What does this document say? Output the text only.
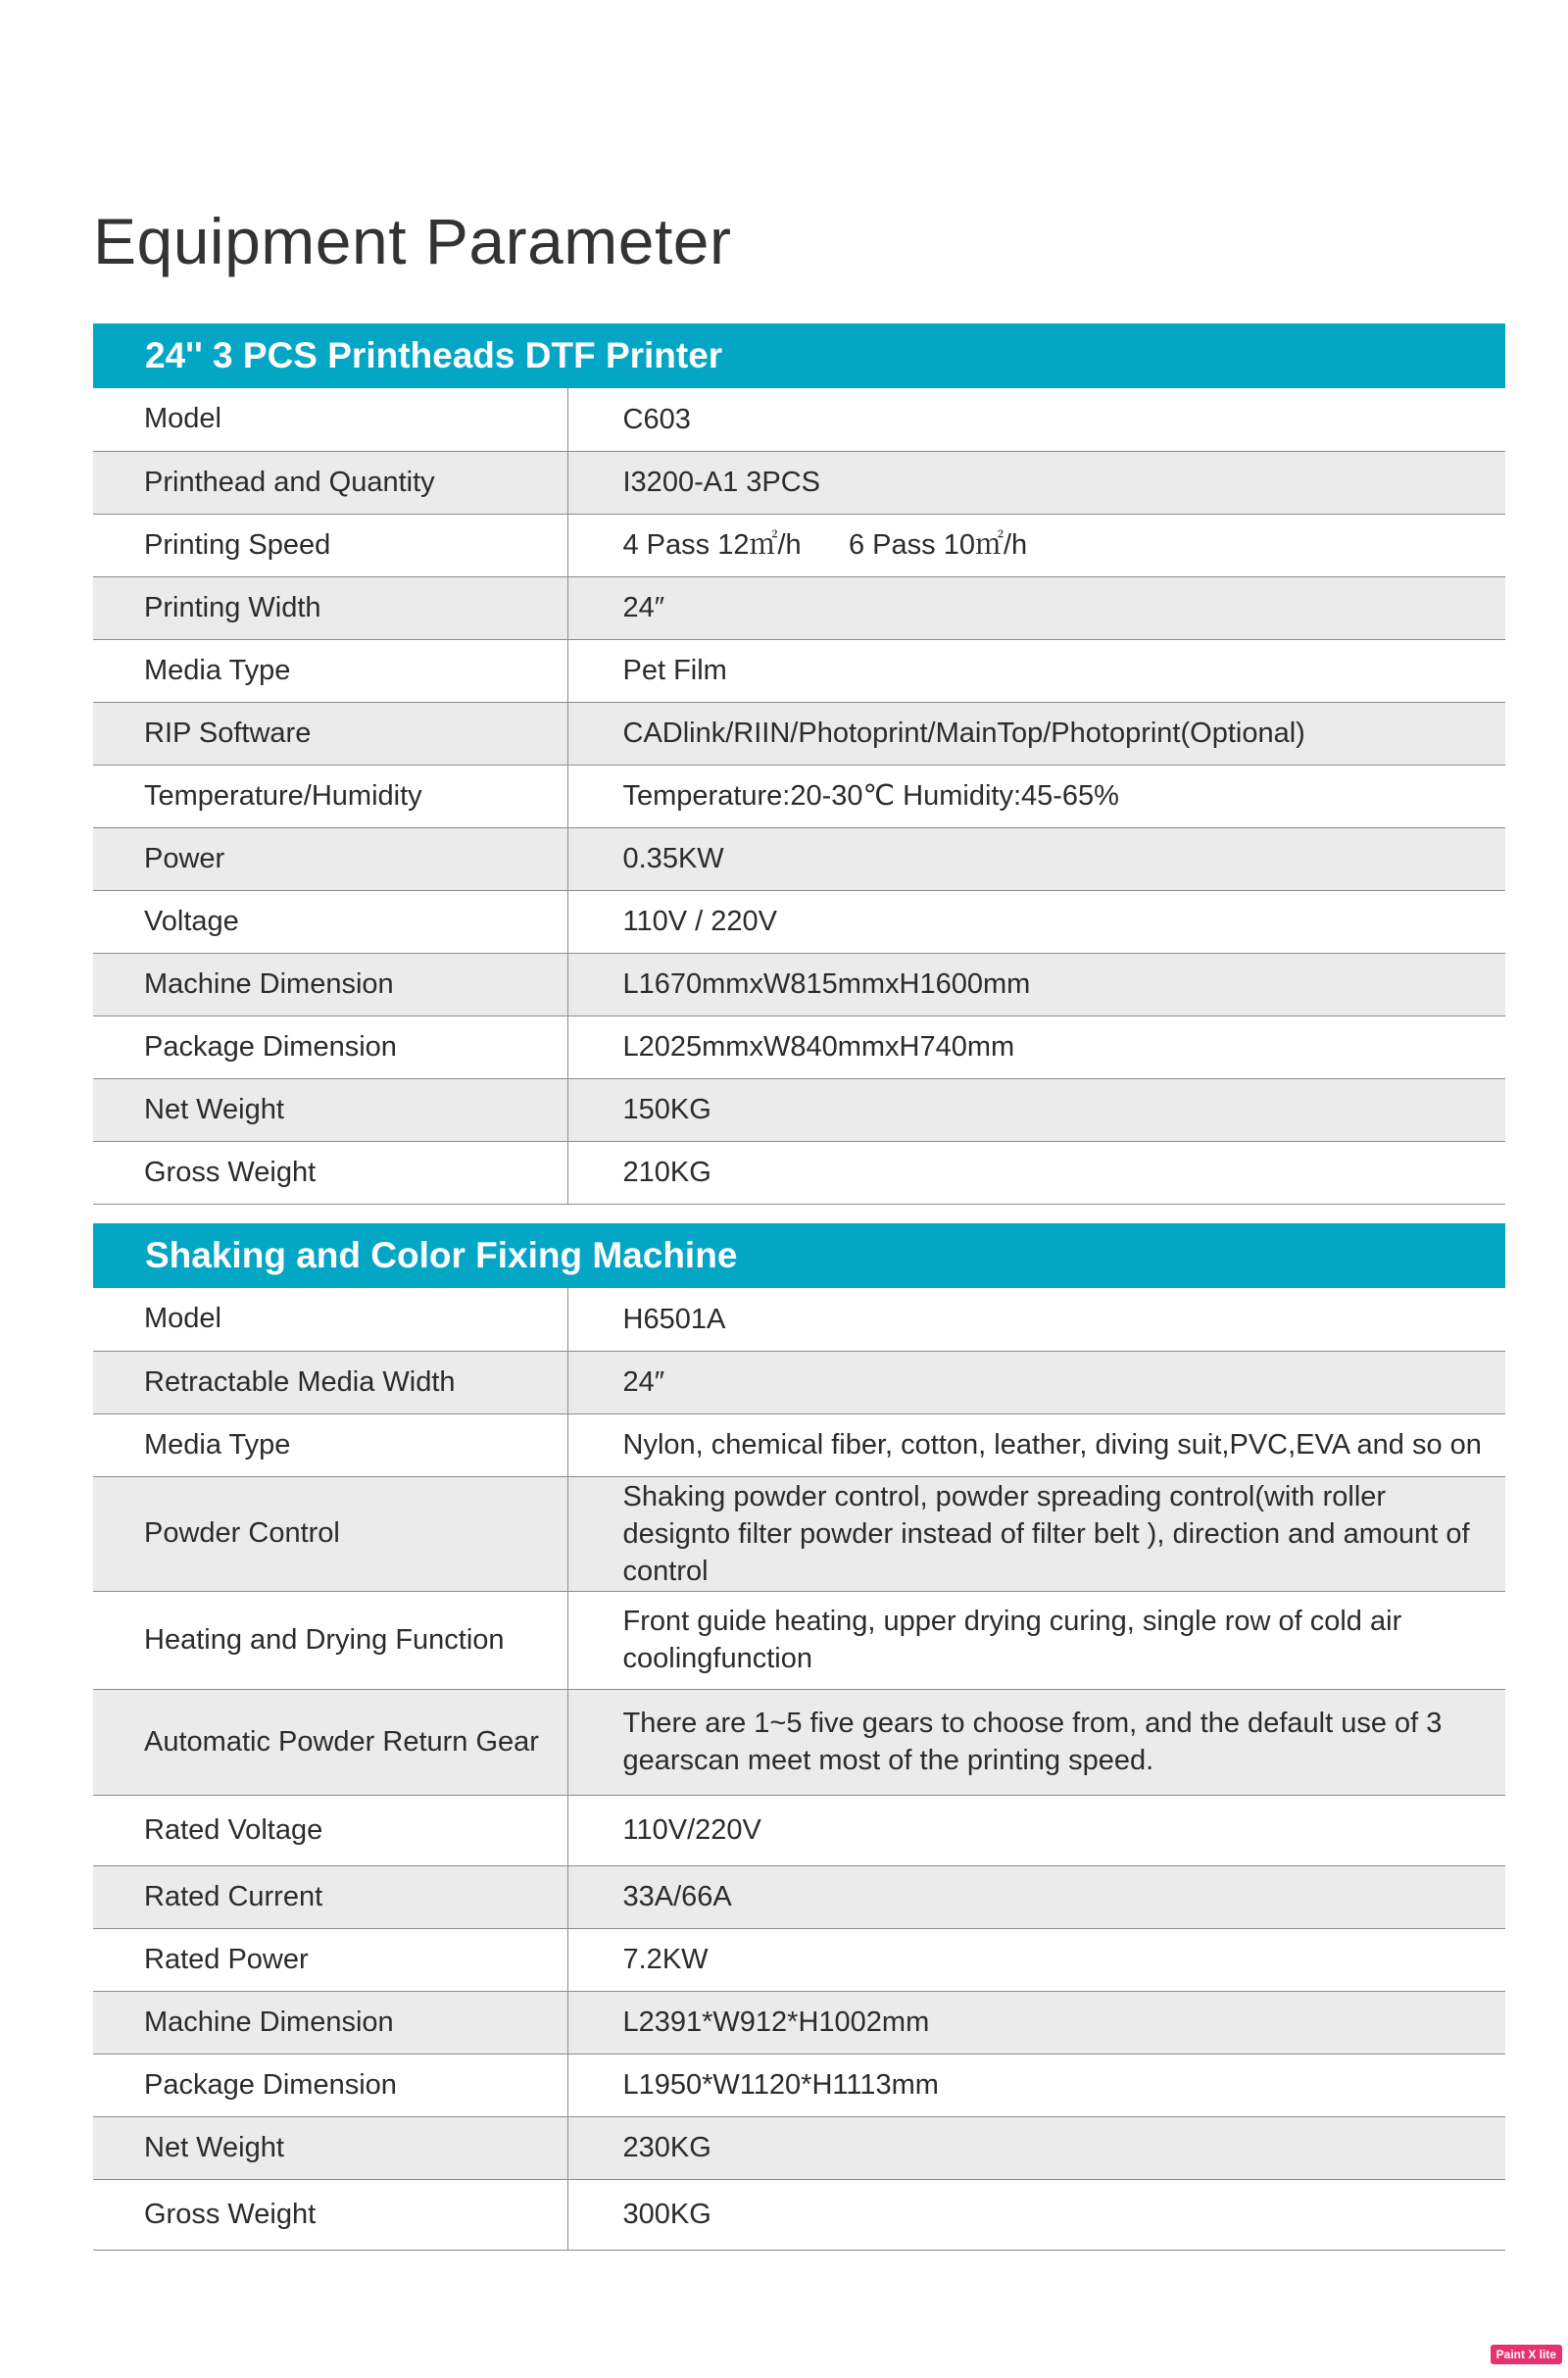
Equipment Parameter
24'' 3 PCS Printheads DTF Printer
Model	C603
Printhead and Quantity	I3200-A1 3PCS
Printing Speed	4 Pass 12㎡/h      6 Pass 10㎡/h
Printing Width	24″
Media Type	Pet Film
RIP Software	CADlink/RIIN/Photoprint/MainTop/Photoprint(Optional)
Temperature/Humidity	Temperature:20-30℃ Humidity:45-65%
Power	0.35KW
Voltage	110V / 220V
Machine Dimension	L1670mmxW815mmxH1600mm
Package Dimension	L2025mmxW840mmxH740mm
Net Weight	150KG
Gross Weight	210KG
Shaking and Color Fixing Machine
Model	H6501A
Retractable Media Width	24″
Media Type	Nylon, chemical fiber, cotton, leather, diving suit,PVC,EVA and so on
Powder Control	Shaking powder control, powder spreading control(with roller designto filter powder instead of filter belt ), direction and amount of control
Heating and Drying Function	Front guide heating, upper drying curing, single row of cold air coolingfunction
Automatic Powder Return Gear	There are 1~5 five gears to choose from, and the default use of 3 gearscan meet most of the printing speed.
Rated Voltage	110V/220V
Rated Current	33A/66A
Rated Power	7.2KW
Machine Dimension	L2391*W912*H1002mm
Package Dimension	L1950*W1120*H1113mm
Net Weight	230KG
Gross Weight	300KG
Paint X lite
